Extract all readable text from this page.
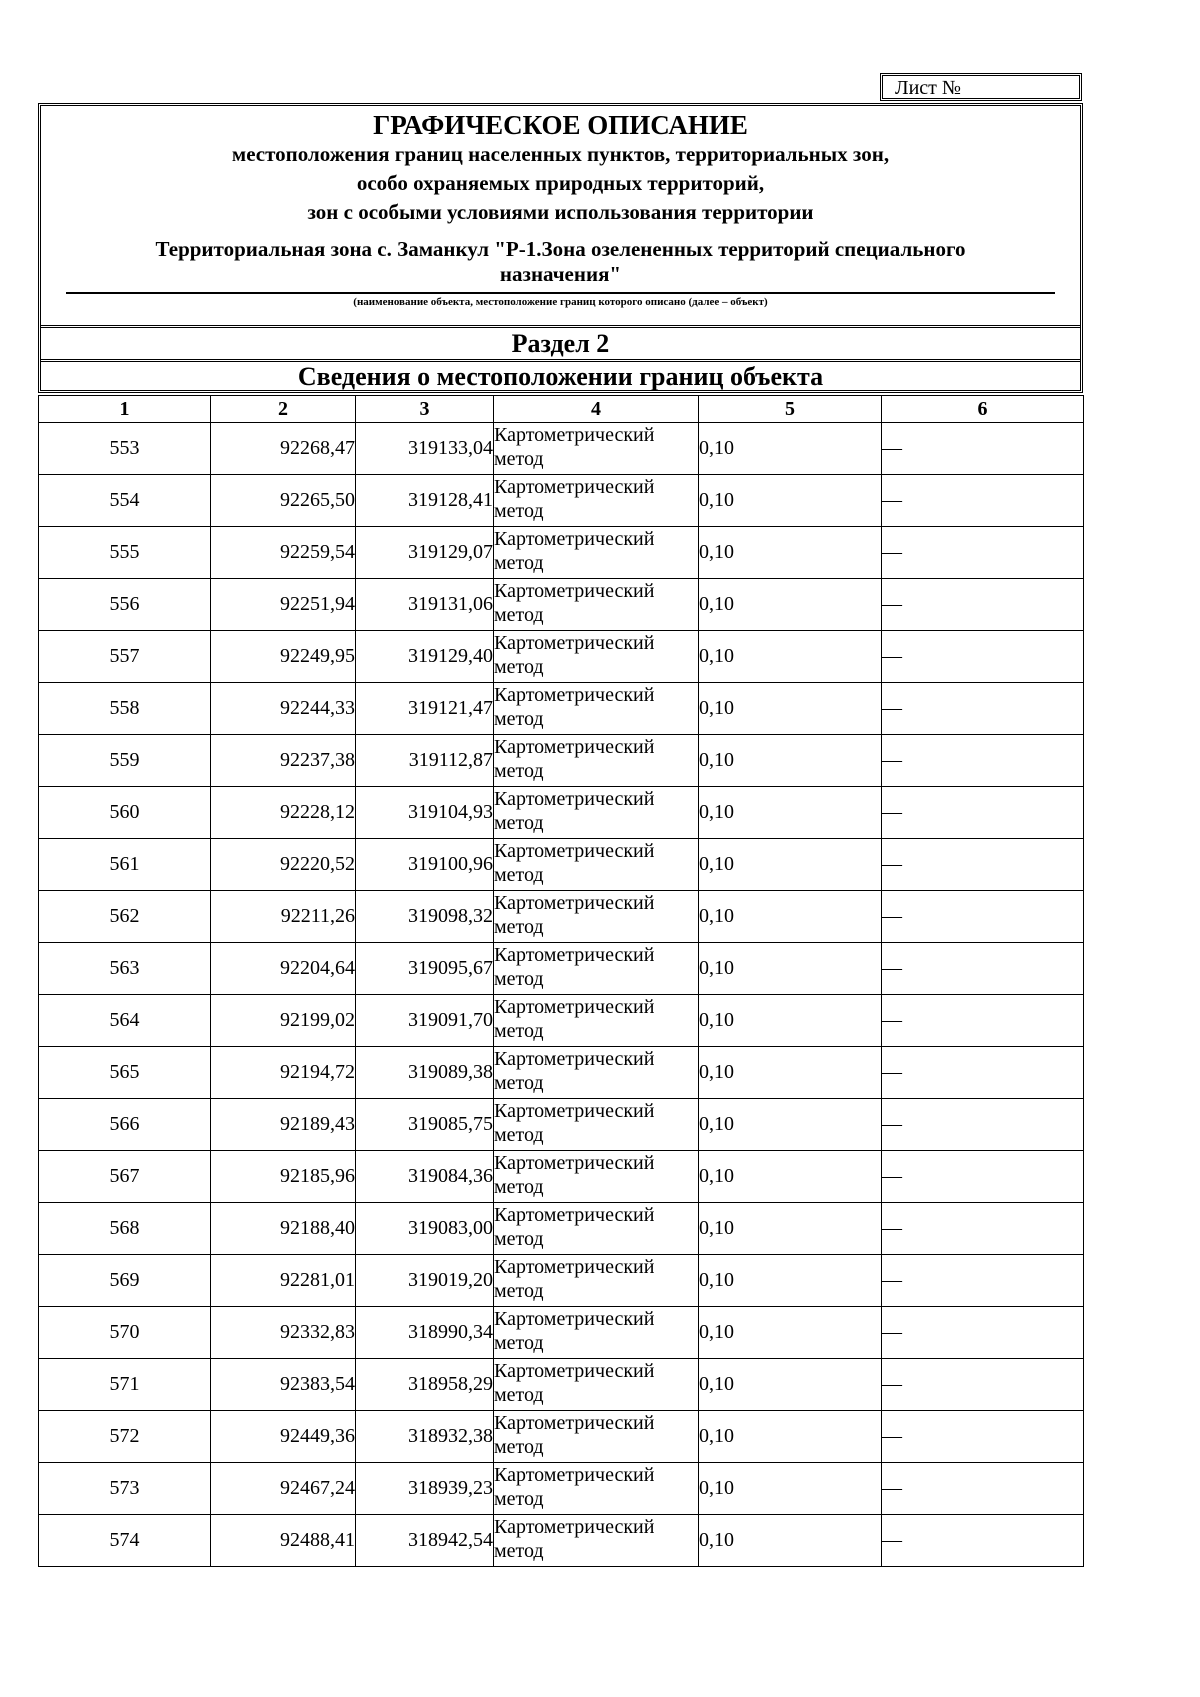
Лист №
ГРАФИЧЕСКОЕ ОПИСАНИЕ
местоположения границ населенных пунктов, территориальных зон,
особо охраняемых природных территорий,
зон с особыми условиями использования территории
Территориальная зона с. Заманкул "Р-1.Зона озелененных территорий специального назначения"
(наименование объекта, местоположение границ которого описано (далее – объект)
Раздел 2
Сведения о местоположении границ объекта
1	2	3	4	5	6
553	92268,47	319133,04	Картометрический метод	0,10	—
554	92265,50	319128,41	Картометрический метод	0,10	—
555	92259,54	319129,07	Картометрический метод	0,10	—
556	92251,94	319131,06	Картометрический метод	0,10	—
557	92249,95	319129,40	Картометрический метод	0,10	—
558	92244,33	319121,47	Картометрический метод	0,10	—
559	92237,38	319112,87	Картометрический метод	0,10	—
560	92228,12	319104,93	Картометрический метод	0,10	—
561	92220,52	319100,96	Картометрический метод	0,10	—
562	92211,26	319098,32	Картометрический метод	0,10	—
563	92204,64	319095,67	Картометрический метод	0,10	—
564	92199,02	319091,70	Картометрический метод	0,10	—
565	92194,72	319089,38	Картометрический метод	0,10	—
566	92189,43	319085,75	Картометрический метод	0,10	—
567	92185,96	319084,36	Картометрический метод	0,10	—
568	92188,40	319083,00	Картометрический метод	0,10	—
569	92281,01	319019,20	Картометрический метод	0,10	—
570	92332,83	318990,34	Картометрический метод	0,10	—
571	92383,54	318958,29	Картометрический метод	0,10	—
572	92449,36	318932,38	Картометрический метод	0,10	—
573	92467,24	318939,23	Картометрический метод	0,10	—
574	92488,41	318942,54	Картометрический метод	0,10	—
